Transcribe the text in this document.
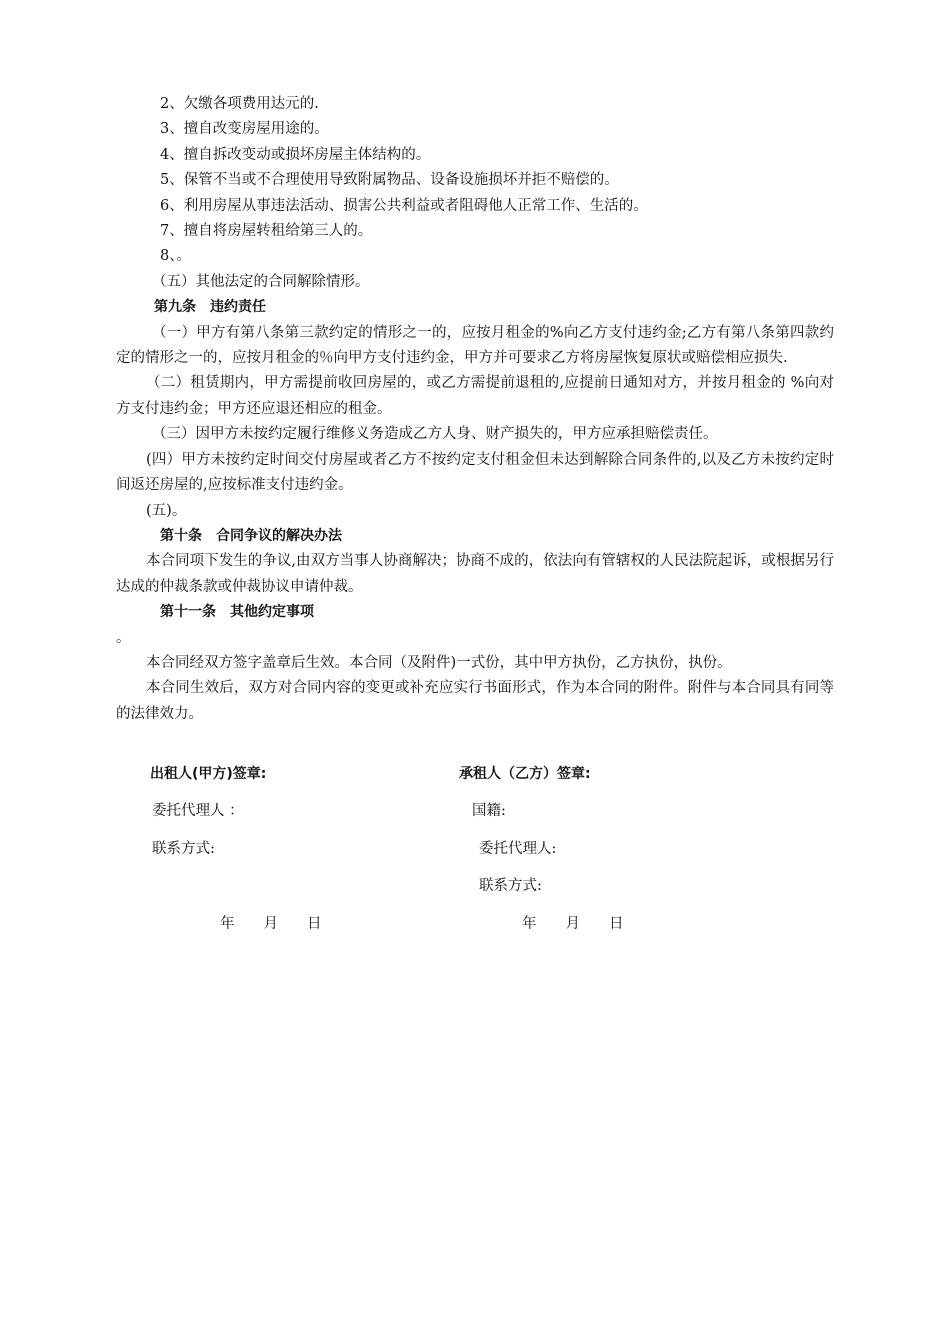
2、欠缴各项费用达元的.

3、擅自改变房屋用途的。

4、擅自拆改变动或损坏房屋主体结构的。

5、保管不当或不合理使用导致附属物品、设备设施损坏并拒不赔偿的。

6、利用房屋从事违法活动、损害公共利益或者阻碍他人正常工作、生活的。

7、擅自将房屋转租给第三人的。

8、。

（五）其他法定的合同解除情形。

第九条　违约责任

（一）甲方有第八条第三款约定的情形之一的，应按月租金的%向乙方支付违约金;乙方有第八条第四款约定的情形之一的，应按月租金的％向甲方支付违约金，甲方并可要求乙方将房屋恢复原状或赔偿相应损失.

（二）租赁期内，甲方需提前收回房屋的，或乙方需提前退租的,应提前日通知对方，并按月租金的 %向对方支付违约金；甲方还应退还相应的租金。

（三）因甲方未按约定履行维修义务造成乙方人身、财产损失的，甲方应承担赔偿责任。

(四）甲方未按约定时间交付房屋或者乙方不按约定支付租金但未达到解除合同条件的,以及乙方未按约定时间返还房屋的,应按标准支付违约金。

(五)。

第十条　合同争议的解决办法

本合同项下发生的争议,由双方当事人协商解决；协商不成的，依法向有管辖权的人民法院起诉，或根据另行达成的仲裁条款或仲裁协议申请仲裁。

第十一条　其他约定事项

。

本合同经双方签字盖章后生效。本合同（及附件)一式份，其中甲方执份，乙方执份，执份。

本合同生效后，双方对合同内容的变更或补充应实行书面形式，作为本合同的附件。附件与本合同具有同等的法律效力。

出租人(甲方)签章:	承租人（乙方）签章:
委托代理人 ：	国籍:
联系方式:	委托代理人:
联系方式:
年　　月　　日	年　　月　　日
